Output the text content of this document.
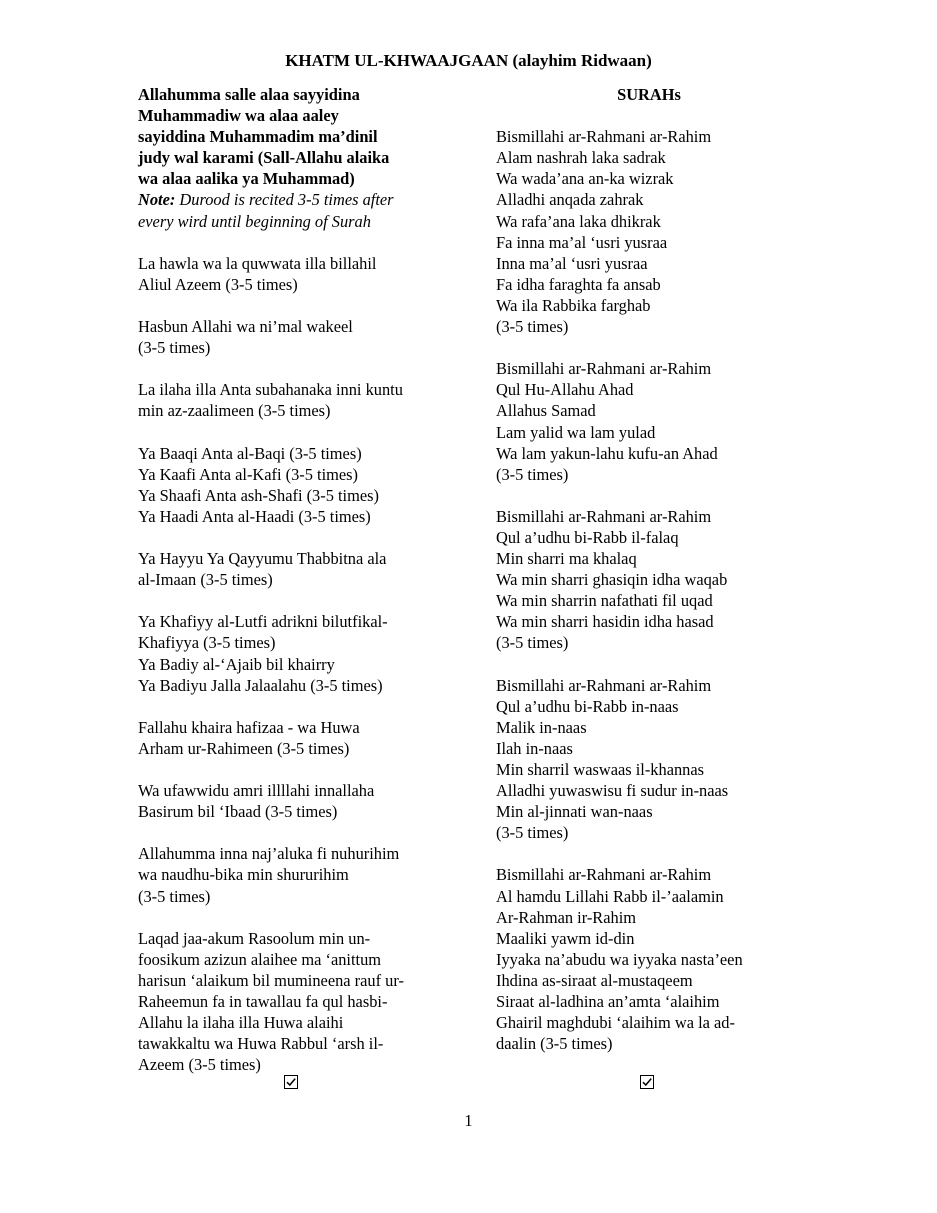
KHATM UL-KHWAAJGAAN (alayhim Ridwaan)
Allahumma salle alaa sayyidina
Muhammadiw wa alaa aaley
sayiddina Muhammadim ma’dinil
judy wal karami (Sall-Allahu alaika
wa alaa aalika ya Muhammad)
Note: Durood is recited 3-5 times after
every wird until beginning of Surah
La hawla wa la quwwata illa billahil
Aliul Azeem (3-5 times)
Hasbun Allahi wa ni’mal wakeel
(3-5 times)
La ilaha illa Anta subahanaka inni kuntu
min az-zaalimeen (3-5 times)
Ya Baaqi Anta al-Baqi (3-5 times)
Ya Kaafi Anta al-Kafi (3-5 times)
Ya Shaafi Anta ash-Shafi (3-5 times)
Ya Haadi Anta al-Haadi (3-5 times)
Ya Hayyu Ya Qayyumu Thabbitna ala
al-Imaan (3-5 times)
Ya Khafiyy al-Lutfi adrikni bilutfikal-
Khafiyya (3-5 times)
Ya Badiy al-‘Ajaib bil khairry
Ya Badiyu Jalla Jalaalahu (3-5 times)
Fallahu khaira hafizaa - wa Huwa
Arham ur-Rahimeen (3-5 times)
Wa ufawwidu amri illllahi innallaha
Basirum bil ‘Ibaad (3-5 times)
Allahumma inna naj’aluka fi nuhurihim
wa naudhu-bika min shururihim
(3-5 times)
Laqad jaa-akum Rasoolum min un-
foosikum azizun alaihee ma ‘anittum
harisun ‘alaikum bil mumineena rauf ur-
Raheemun fa in tawallau fa qul hasbi-
Allahu la ilaha illa Huwa alaihi
tawakkaltu wa Huwa Rabbul ‘arsh il-
Azeem (3-5 times)
SURAHs
Bismillahi ar-Rahmani ar-Rahim
Alam nashrah laka sadrak
Wa wada’ana an-ka wizrak
Alladhi anqada zahrak
Wa rafa’ana laka dhikrak
Fa inna ma’al ‘usri yusraa
Inna ma’al ‘usri yusraa
Fa idha faraghta fa ansab
Wa ila Rabbika farghab
(3-5 times)
Bismillahi ar-Rahmani ar-Rahim
Qul Hu-Allahu Ahad
Allahus Samad
Lam yalid wa lam yulad
Wa lam yakun-lahu kufu-an Ahad
(3-5 times)
Bismillahi ar-Rahmani ar-Rahim
Qul a’udhu bi-Rabb il-falaq
Min sharri ma khalaq
Wa min sharri ghasiqin idha waqab
Wa min sharrin nafathati fil uqad
Wa min sharri hasidin idha hasad
(3-5 times)
Bismillahi ar-Rahmani ar-Rahim
Qul a’udhu bi-Rabb in-naas
Malik in-naas
Ilah in-naas
Min sharril waswaas il-khannas
Alladhi yuwaswisu fi sudur in-naas
Min al-jinnati wan-naas
(3-5 times)
Bismillahi ar-Rahmani ar-Rahim
Al hamdu Lillahi Rabb il-’aalamin
Ar-Rahman ir-Rahim
Maaliki yawm id-din
Iyyaka na’abudu wa iyyaka nasta’een
Ihdina as-siraat al-mustaqeem
Siraat al-ladhina an’amta ‘alaihim
Ghairil maghdubi ‘alaihim wa la ad-
daalin (3-5 times)
1
